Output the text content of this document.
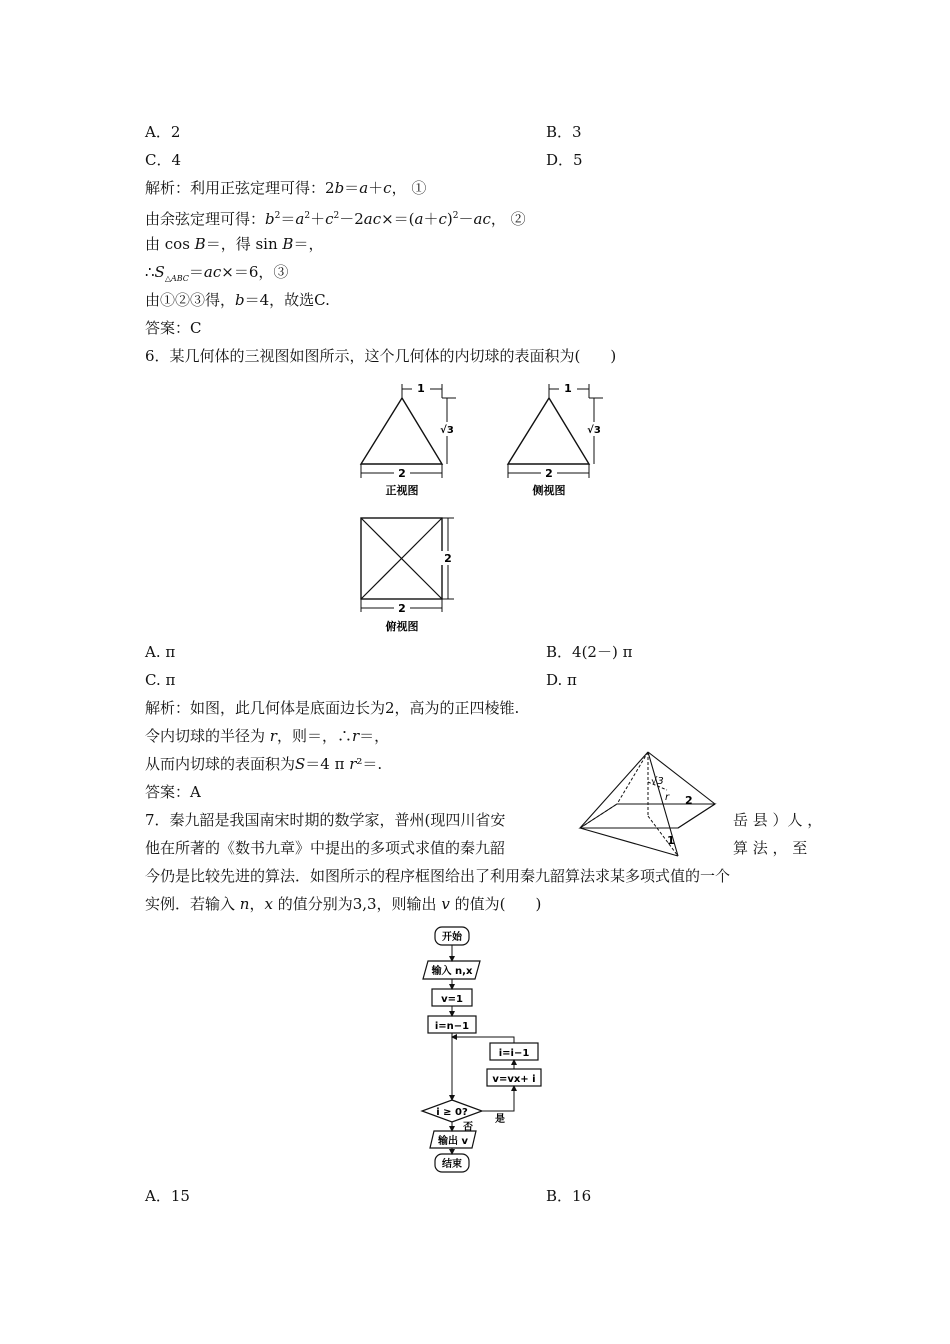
A．2	B．3
C．4	D．5
解析：利用正弦定理可得：2b＝a＋c， ①
由余弦定理可得：$b^2=a^2+c^2-2ac\times=(a+c)^2-ac$， ②
由 cos B＝，得 sin B＝，
$\therefore S_{\triangle ABC}=ac\times=6$，③
由①②③得，b＝4，故选C.
答案：C
6．某几何体的三视图如图所示，这个几何体的内切球的表面积为(　　)
1
√3
2
正视图
1
√3
2
侧视图
2
2
俯视图
A. π	B．4(2－) π
C. π	D. π
解析：如图，此几何体是底面边长为2，高为的正四棱锥.
令内切球的半径为 r，则＝，∴r＝，
从而内切球的表面积为S＝4 π r²＝.
答案：A
√3
r 2
1
7．秦九韶是我国南宋时期的数学家，普州(现四川省安	岳 县 ）人 ，
他在所著的《数书九章》中提出的多项式求值的秦九韶	算 法 ， 至
今仍是比较先进的算法．如图所示的程序框图给出了利用秦九韶算法求某多项式值的一个
实例．若输入 n，x 的值分别为3,3，则输出 v 的值为(　　)
开始
输入 n,x
v=1
i=n−1
i=i−1
v=vx+ i
i ≥ 0?
否
是
输出 v
结束
A．15	B．16
